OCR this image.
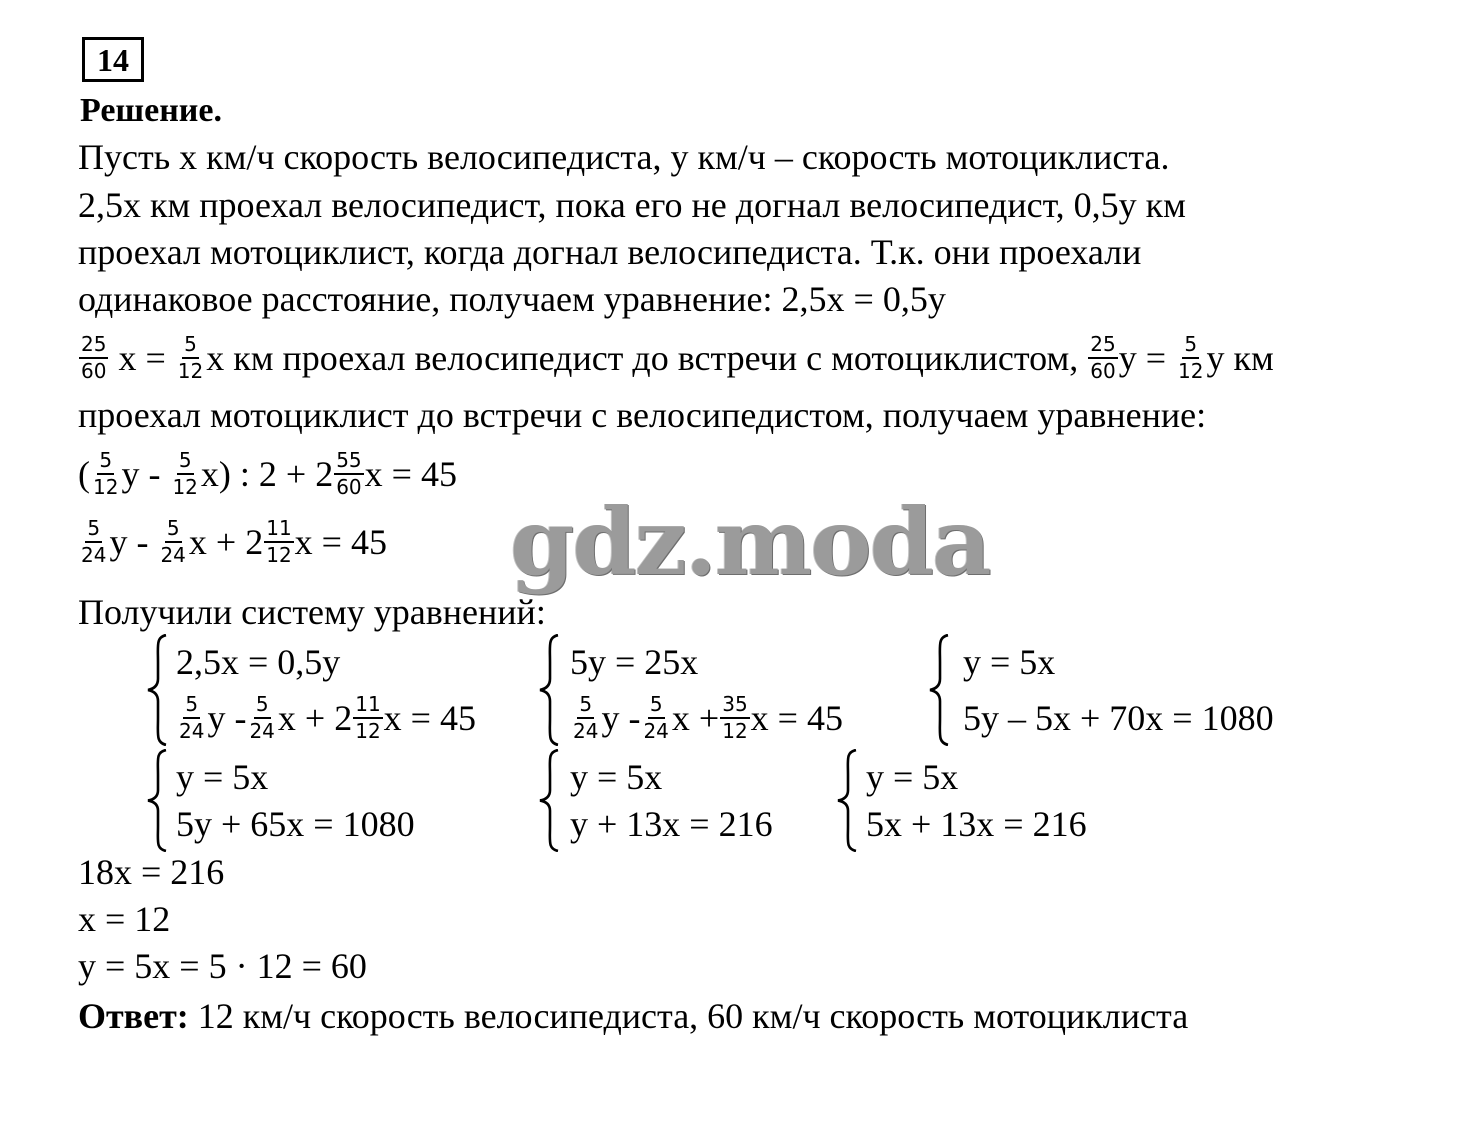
14
Решение.
Пусть х км/ч скорость велосипедиста, у км/ч – скорость мотоциклиста.
2,5х км проехал велосипедист, пока его не догнал велосипедист, 0,5у км
проехал мотоциклист, когда догнал велосипедиста. Т.к. они проехали
одинаковое расстояние, получаем уравнение: 2,5х = 0,5у
$\frac{25}{60}$ $х = \frac{5}{12}$ х км проехал велосипедист до встречи с мотоциклистом, $\frac{25}{60}$ $у = \frac{5}{12}$ у км
проехал мотоциклист до встречи с велосипедистом, получаем уравнение:
( $\frac{5}{12}$ у - $\frac{5}{12} х$) : $2 + 2 \frac{55}{60}$ х = 45
$\frac{5}{24}$ у - $\frac{5}{24}$ $х + 2 \frac{11}{12}$ х = 45
Получили систему уравнений:
gdz.moda
2,5х = 0,5у
$\frac{5}{24}$ у - $\frac{5}{24}$ $х + 2 \frac{11}{12}$ х = 45
5у = 25х
$\frac{5}{24}$ у - $\frac{5}{24}$ $х + \frac{35}{12}$ х = 45
у = 5х
5у – 5х + 70х = 1080
у = 5х
5у + 65х = 1080
у = 5х
у + 13х = 216
у = 5х
5х + 13х = 216
18х = 216
х = 12
у = 5х = 5 · 12 = 60
Ответ: 12 км/ч скорость велосипедиста, 60 км/ч скорость мотоциклиста
